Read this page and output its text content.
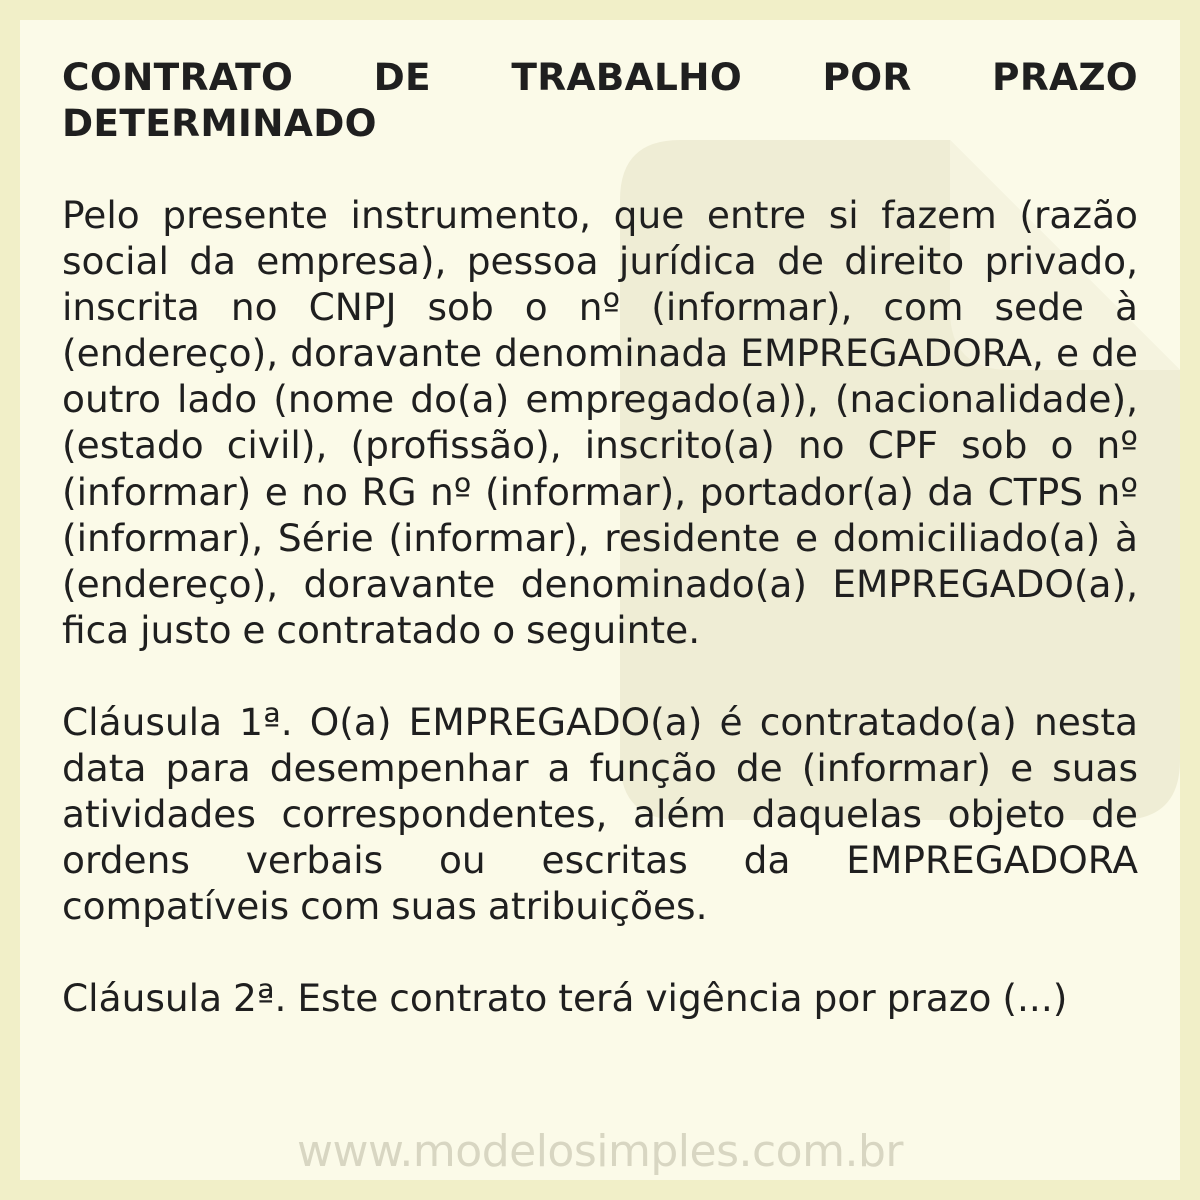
CONTRATO DE TRABALHO POR PRAZO
DETERMINADO

Pelo presente instrumento, que entre si fazem (razão social da empresa), pessoa jurídica de direito privado, inscrita no CNPJ sob o nº (informar), com sede à (endereço), doravante denominada EMPREGADORA, e de outro lado (nome do(a) empregado(a)), (nacionalidade), (estado civil), (profissão), inscrito(a) no CPF sob o nº (informar) e no RG nº (informar), portador(a) da CTPS nº (informar), Série (informar), residente e domiciliado(a) à (endereço), doravante denominado(a) EMPREGADO(a), fica justo e contratado o seguinte.

Cláusula 1ª. O(a) EMPREGADO(a) é contratado(a) nesta data para desempenhar a função de (informar) e suas atividades correspondentes, além daquelas objeto de ordens verbais ou escritas da EMPREGADORA compatíveis com suas atribuições.

Cláusula 2ª. Este contrato terá vigência por prazo (...)

www.modelosimples.com.br
